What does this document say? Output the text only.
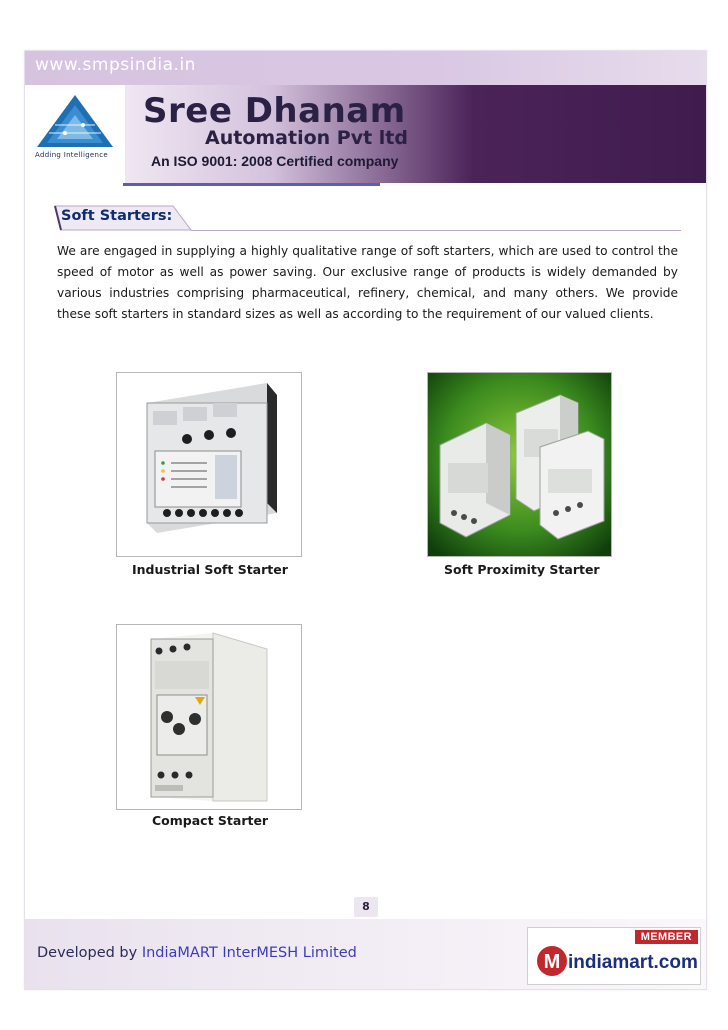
www.smpsindia.in
Adding Intelligence
Sree Dhanam
Automation Pvt ltd
An ISO 9001: 2008 Certified company
Soft Starters:
We are engaged in supplying a highly qualitative range of soft starters, which are used to control the speed of motor as well as power saving. Our exclusive range of products is widely demanded by various industries comprising pharmaceutical, refinery, chemical, and many others. We provide these soft starters in standard sizes as well as according to the requirement of our valued clients.
Industrial Soft Starter	Soft Proximity Starter
Compact Starter
8
Developed by IndiaMART InterMESH Limited
MEMBER
M indiamart.com
